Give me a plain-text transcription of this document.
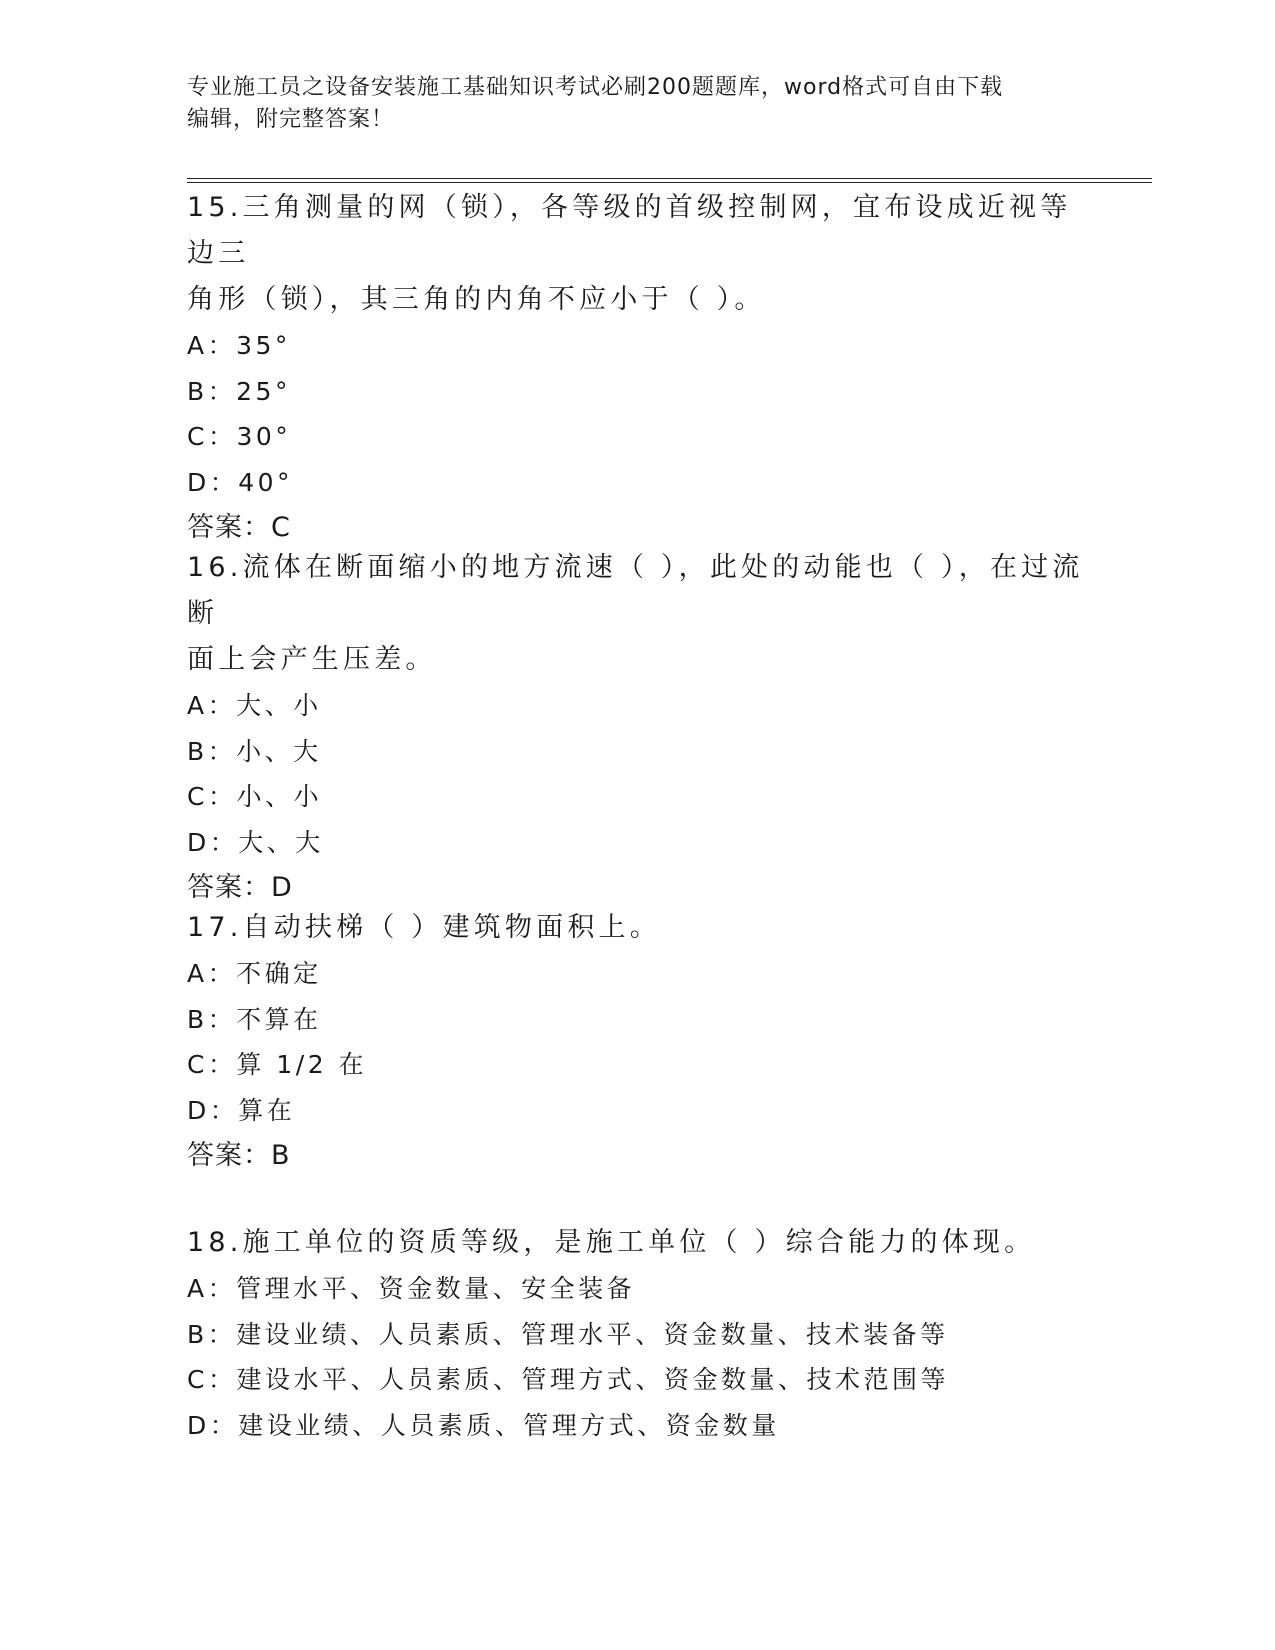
专业施工员之设备安装施工基础知识考试必刷200题题库，word格式可自由下载
编辑，附完整答案！
15.三角测量的网（锁），各等级的首级控制网，宜布设成近视等边三
角形（锁），其三角的内角不应小于（ ）。
A：35°
B：25°
C：30°
D：40°
答案：C
16.流体在断面缩小的地方流速（ ），此处的动能也（ ），在过流断
面上会产生压差。
A：大、小
B：小、大
C：小、小
D：大、大
答案：D
17.自动扶梯（ ）建筑物面积上。
A：不确定
B：不算在
C：算 1/2 在
D：算在
答案：B
18.施工单位的资质等级，是施工单位（ ）综合能力的体现。
A：管理水平、资金数量、安全装备
B：建设业绩、人员素质、管理水平、资金数量、技术装备等
C：建设水平、人员素质、管理方式、资金数量、技术范围等
D：建设业绩、人员素质、管理方式、资金数量
